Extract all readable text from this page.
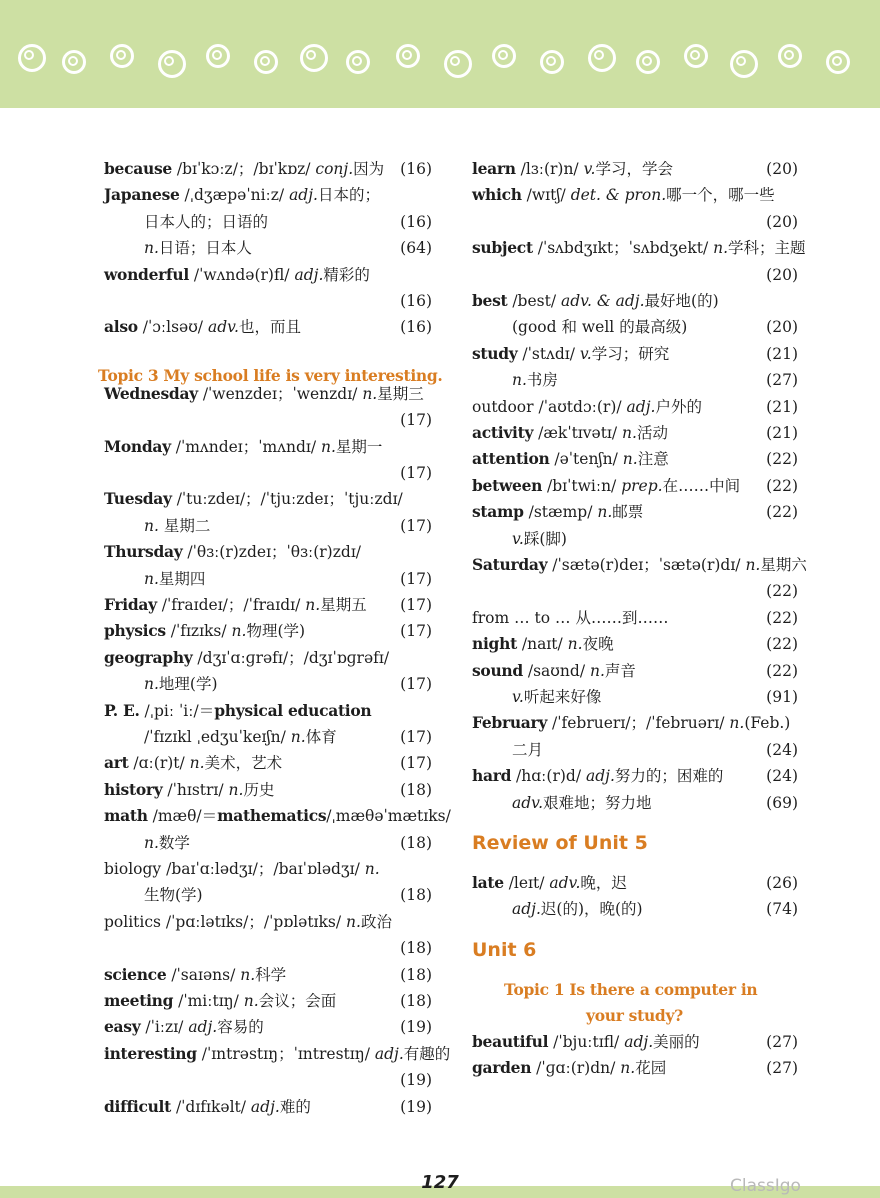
because /bɪˈkɔːz/；/bɪˈkɒz/ conj.因为	(16)
Japanese /ˌdʒæpəˈniːz/ adj.日本的；
日本人的；日语的	(16)
n.日语；日本人	(64)
wonderful /ˈwʌndə(r)fl/ adj.精彩的
(16)
also /ˈɔːlsəʊ/ adv.也，而且	(16)
Topic 3 My school life is very interesting.
Wednesday /ˈwenzdeɪ；ˈwenzdɪ/ n.星期三
(17)
Monday /ˈmʌndeɪ；ˈmʌndɪ/ n.星期一
(17)
Tuesday /ˈtuːzdeɪ/；/ˈtjuːzdeɪ；ˈtjuːzdɪ/
n. 星期二	(17)
Thursday /ˈθɜː(r)zdeɪ；ˈθɜː(r)zdɪ/
n.星期四	(17)
Friday /ˈfraɪdeɪ/；/ˈfraɪdɪ/ n.星期五	(17)
physics /ˈfɪzɪks/ n.物理(学)	(17)
geography /dʒɪˈɑːɡrəfɪ/；/dʒɪˈɒɡrəfɪ/
n.地理(学)	(17)
P. E. /ˌpiː ˈiː/＝physical education
/ˈfɪzɪkl ˌedʒuˈkeɪʃn/ n.体育	(17)
art /ɑː(r)t/ n.美术，艺术	(17)
history /ˈhɪstrɪ/ n.历史	(18)
math /mæθ/＝mathematics/ˌmæθəˈmætɪks/
n.数学	(18)
biology /baɪˈɑːlədʒɪ/；/baɪˈɒlədʒɪ/ n.
生物(学)	(18)
politics /ˈpɑːlətɪks/；/ˈpɒlətɪks/ n.政治
(18)
science /ˈsaɪəns/ n.科学	(18)
meeting /ˈmiːtɪŋ/ n.会议；会面	(18)
easy /ˈiːzɪ/ adj.容易的	(19)
interesting /ˈɪntrəstɪŋ；ˈɪntrestɪŋ/ adj.有趣的
(19)
difficult /ˈdɪfɪkəlt/ adj.难的	(19)
learn /lɜː(r)n/ v.学习，学会	(20)
which /wɪtʃ/ det. & pron.哪一个，哪一些
(20)
subject /ˈsʌbdʒɪkt；ˈsʌbdʒekt/ n.学科；主题
(20)
best /best/ adv. & adj.最好地(的)
(good 和 well 的最高级)	(20)
study /ˈstʌdɪ/ v.学习；研究	(21)
n.书房	(27)
outdoor /ˈaʊtdɔː(r)/ adj.户外的	(21)
activity /ækˈtɪvətɪ/ n.活动	(21)
attention /əˈtenʃn/ n.注意	(22)
between /bɪˈtwiːn/ prep.在……中间	(22)
stamp /stæmp/ n.邮票	(22)
v.踩(脚)
Saturday /ˈsætə(r)deɪ；ˈsætə(r)dɪ/ n.星期六
(22)
from … to … 从……到……	(22)
night /naɪt/ n.夜晚	(22)
sound /saʊnd/ n.声音	(22)
v.听起来好像	(91)
February /ˈfebruerɪ/；/ˈfebruərɪ/ n.(Feb.)
二月	(24)
hard /hɑː(r)d/ adj.努力的；困难的	(24)
adv.艰难地；努力地	(69)
Review of Unit 5
late /leɪt/ adv.晚，迟	(26)
adj.迟(的)，晚(的)	(74)
Unit 6
Topic 1 Is there a computer in
your study?
beautiful /ˈbjuːtɪfl/ adj.美丽的	(27)
garden /ˈɡɑː(r)dn/ n.花园	(27)
127	ClassIgo
